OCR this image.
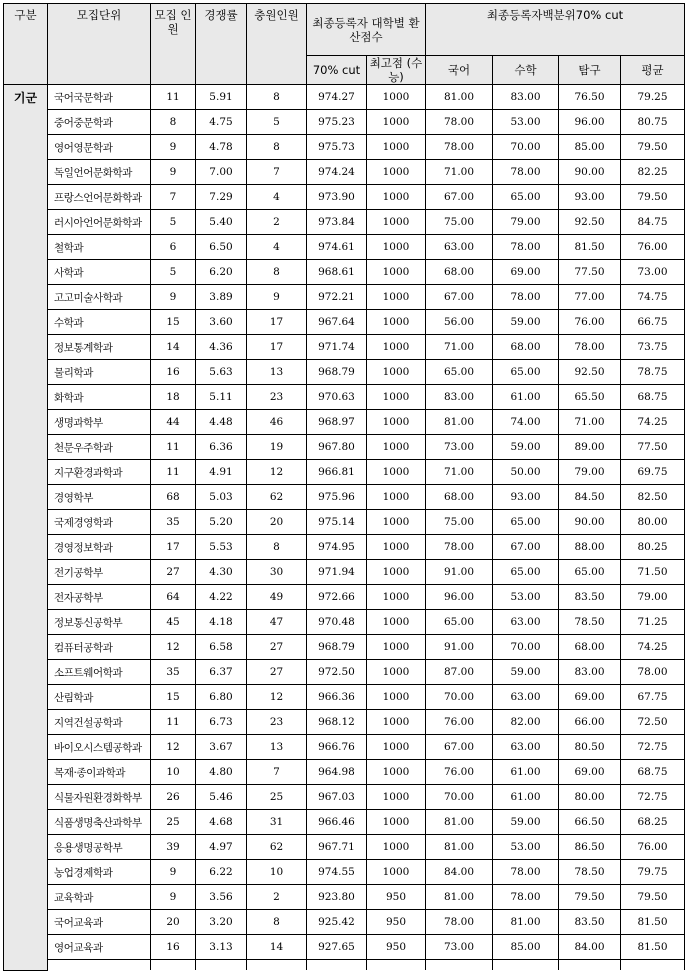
구분	모집단위	모집 인원	경쟁률	충원인원	최종등록자 대학별 환산점수		최종등록자백분위70% cut			
					70% cut	최고점 (수능)	국어	수학	탐구	평균
기군	국어국문학과	11	5.91	8	974.27	1000	81.00	83.00	76.50	79.25
	중어중문학과	8	4.75	5	975.23	1000	78.00	53.00	96.00	80.75
	영어영문학과	9	4.78	8	975.73	1000	78.00	70.00	85.00	79.50
	독일언어문화학과	9	7.00	7	974.24	1000	71.00	78.00	90.00	82.25
	프랑스언어문화학과	7	7.29	4	973.90	1000	67.00	65.00	93.00	79.50
	러시아언어문화학과	5	5.40	2	973.84	1000	75.00	79.00	92.50	84.75
	철학과	6	6.50	4	974.61	1000	63.00	78.00	81.50	76.00
	사학과	5	6.20	8	968.61	1000	68.00	69.00	77.50	73.00
	고고미술사학과	9	3.89	9	972.21	1000	67.00	78.00	77.00	74.75
	수학과	15	3.60	17	967.64	1000	56.00	59.00	76.00	66.75
	정보통계학과	14	4.36	17	971.74	1000	71.00	68.00	78.00	73.75
	물리학과	16	5.63	13	968.79	1000	65.00	65.00	92.50	78.75
	화학과	18	5.11	23	970.63	1000	83.00	61.00	65.50	68.75
	생명과학부	44	4.48	46	968.97	1000	81.00	74.00	71.00	74.25
	천문우주학과	11	6.36	19	967.80	1000	73.00	59.00	89.00	77.50
	지구환경과학과	11	4.91	12	966.81	1000	71.00	50.00	79.00	69.75
	경영학부	68	5.03	62	975.96	1000	68.00	93.00	84.50	82.50
	국제경영학과	35	5.20	20	975.14	1000	75.00	65.00	90.00	80.00
	경영정보학과	17	5.53	8	974.95	1000	78.00	67.00	88.00	80.25
	전기공학부	27	4.30	30	971.94	1000	91.00	65.00	65.00	71.50
	전자공학부	64	4.22	49	972.66	1000	96.00	53.00	83.50	79.00
	정보통신공학부	45	4.18	47	970.48	1000	65.00	63.00	78.50	71.25
	컴퓨터공학과	12	6.58	27	968.79	1000	91.00	70.00	68.00	74.25
	소프트웨어학과	35	6.37	27	972.50	1000	87.00	59.00	83.00	78.00
	산림학과	15	6.80	12	966.36	1000	70.00	63.00	69.00	67.75
	지역건설공학과	11	6.73	23	968.12	1000	76.00	82.00	66.00	72.50
	바이오시스템공학과	12	3.67	13	966.76	1000	67.00	63.00	80.50	72.75
	목재·종이과학과	10	4.80	7	964.98	1000	76.00	61.00	69.00	68.75
	식물자원환경화학부	26	5.46	25	967.03	1000	70.00	61.00	80.00	72.75
	식품생명축산과학부	25	4.68	31	966.46	1000	81.00	59.00	66.50	68.25
	응용생명공학부	39	4.97	62	967.71	1000	81.00	53.00	86.50	76.00
	농업경제학과	9	6.22	10	974.55	1000	84.00	78.00	78.50	79.75
	교육학과	9	3.56	2	923.80	950	81.00	78.00	79.50	79.50
	국어교육과	20	3.20	8	925.42	950	78.00	81.00	83.50	81.50
	영어교육과	16	3.13	14	927.65	950	73.00	85.00	84.00	81.50
